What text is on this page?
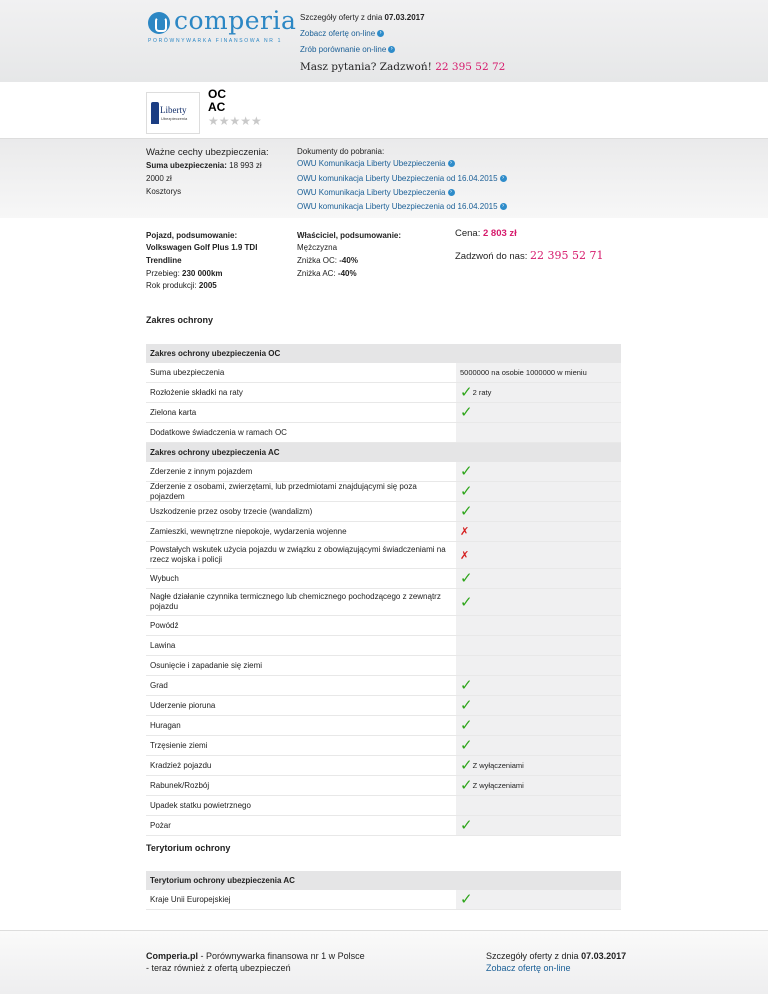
comperia
PORÓWNYWARKA FINANSOWA NR 1
Szczegóły oferty z dnia 07.03.2017
Zobacz ofertę on-line ›
Zrób porównanie on-line ›
Masz pytania? Zadzwoń! 22 395 52 72
Liberty
Ubezpieczenia
OC
AC
★★★★★
Ważne cechy ubezpieczenia:
Suma ubezpieczenia: 18 993 zł
2000 zł
Kosztorys
Dokumenty do pobrania:
OWU Komunikacja Liberty Ubezpieczenia ›
OWU komunikacja Liberty Ubezpieczenia od 16.04.2015 ›
OWU Komunikacja Liberty Ubezpieczenia ›
OWU komunikacja Liberty Ubezpieczenia od 16.04.2015 ›
Pojazd, podsumowanie:
Volkswagen Golf Plus 1.9 TDI
Trendline
Przebieg: 230 000km
Rok produkcji: 2005
Właściciel, podsumowanie:
Mężczyzna
Zniżka OC: -40%
Zniżka AC: -40%
Cena: 2 803 zł
Zadzwoń do nas: 22 395 52 71
Zakres ochrony
Zakres ochrony ubezpieczenia OC
Suma ubezpieczenia	5000000 na osobie 1000000 w mieniu
Rozłożenie składki na raty	✓ 2 raty
Zielona karta	✓
Dodatkowe świadczenia w ramach OC
Zakres ochrony ubezpieczenia AC
Zderzenie z innym pojazdem	✓
Zderzenie z osobami, zwierzętami, lub przedmiotami znajdującymi się poza pojazdem	✓
Uszkodzenie przez osoby trzecie (wandalizm)	✓
Zamieszki, wewnętrzne niepokoje, wydarzenia wojenne	✗
Powstałych wskutek użycia pojazdu w związku z obowiązującymi świadczeniami na rzecz wojska i policji	✗
Wybuch	✓
Nagłe działanie czynnika termicznego lub chemicznego pochodzącego z zewnątrz pojazdu	✓
Powódź
Lawina
Osunięcie i zapadanie się ziemi
Grad	✓
Uderzenie pioruna	✓
Huragan	✓
Trzęsienie ziemi	✓
Kradzież pojazdu	✓ Z wyłączeniami
Rabunek/Rozbój	✓ Z wyłączeniami
Upadek statku powietrznego
Pożar	✓
Terytorium ochrony
Terytorium ochrony ubezpieczenia AC
Kraje Unii Europejskiej	✓
Comperia.pl - Porównywarka finansowa nr 1 w Polsce
- teraz również z ofertą ubezpieczeń
Szczegóły oferty z dnia 07.03.2017
Zobacz ofertę on-line
